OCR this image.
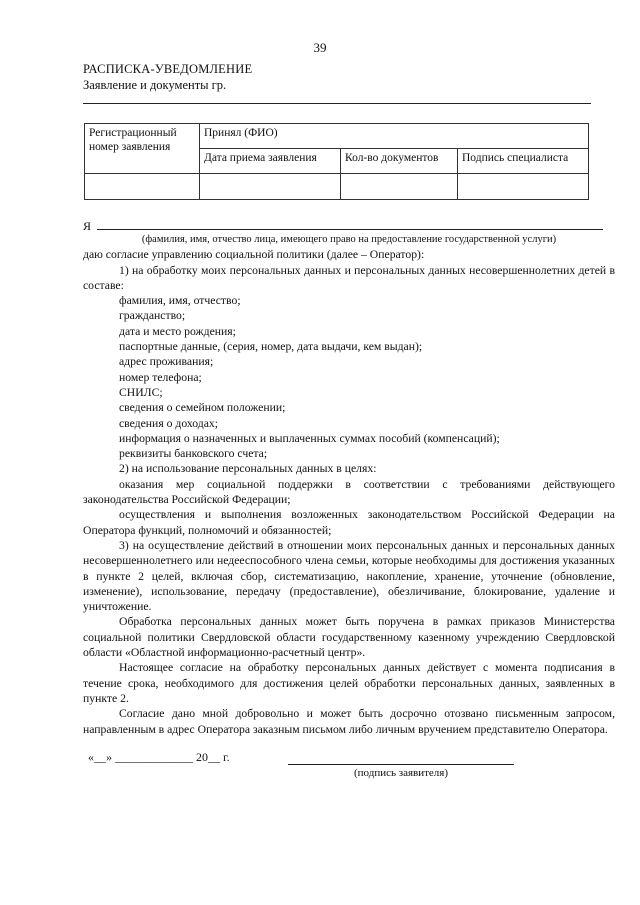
39
РАСПИСКА-УВЕДОМЛЕНИЕ
Заявление и документы гр.
Регистрационный номер заявления	Принял (ФИО)		
	Дата приема заявления	Кол-во документов	Подпись специалиста

Я

(фамилия, имя, отчество лица, имеющего право на предоставление государственной услуги)

даю согласие управлению социальной политики (далее – Оператор):

1) на обработку моих персональных данных и персональных данных несовершеннолетних детей в составе:

фамилия, имя, отчество;

гражданство;

дата и место рождения;

паспортные данные, (серия, номер, дата выдачи, кем выдан);

адрес проживания;

номер телефона;

СНИЛС;

сведения о семейном положении;

сведения о доходах;

информация о назначенных и выплаченных суммах пособий (компенсаций);

реквизиты банковского счета;

2) на использование персональных данных в целях:

оказания мер социальной поддержки в соответствии с требованиями действующего законодательства Российской Федерации;

осуществления и выполнения возложенных законодательством Российской Федерации на Оператора функций, полномочий и обязанностей;

3) на осуществление действий в отношении моих персональных данных и персональных данных несовершеннолетнего или недееспособного члена семьи, которые необходимы для достижения указанных в пункте 2 целей, включая сбор, систематизацию, накопление, хранение, уточнение (обновление, изменение), использование, передачу (предоставление), обезличивание, блокирование, удаление и уничтожение.

Обработка персональных данных может быть поручена в рамках приказов Министерства социальной политики Свердловской области государственному казенному учреждению Свердловской области «Областной информационно-расчетный центр».

Настоящее согласие на обработку персональных данных действует с момента подписания в течение срока, необходимого для достижения целей обработки персональных данных, заявленных в пункте 2.

Согласие дано мной добровольно и может быть досрочно отозвано письменным запросом, направленным в адрес Оператора заказным письмом либо личным вручением представителю Оператора.

«__» _____________ 20__ г.
(подпись заявителя)
